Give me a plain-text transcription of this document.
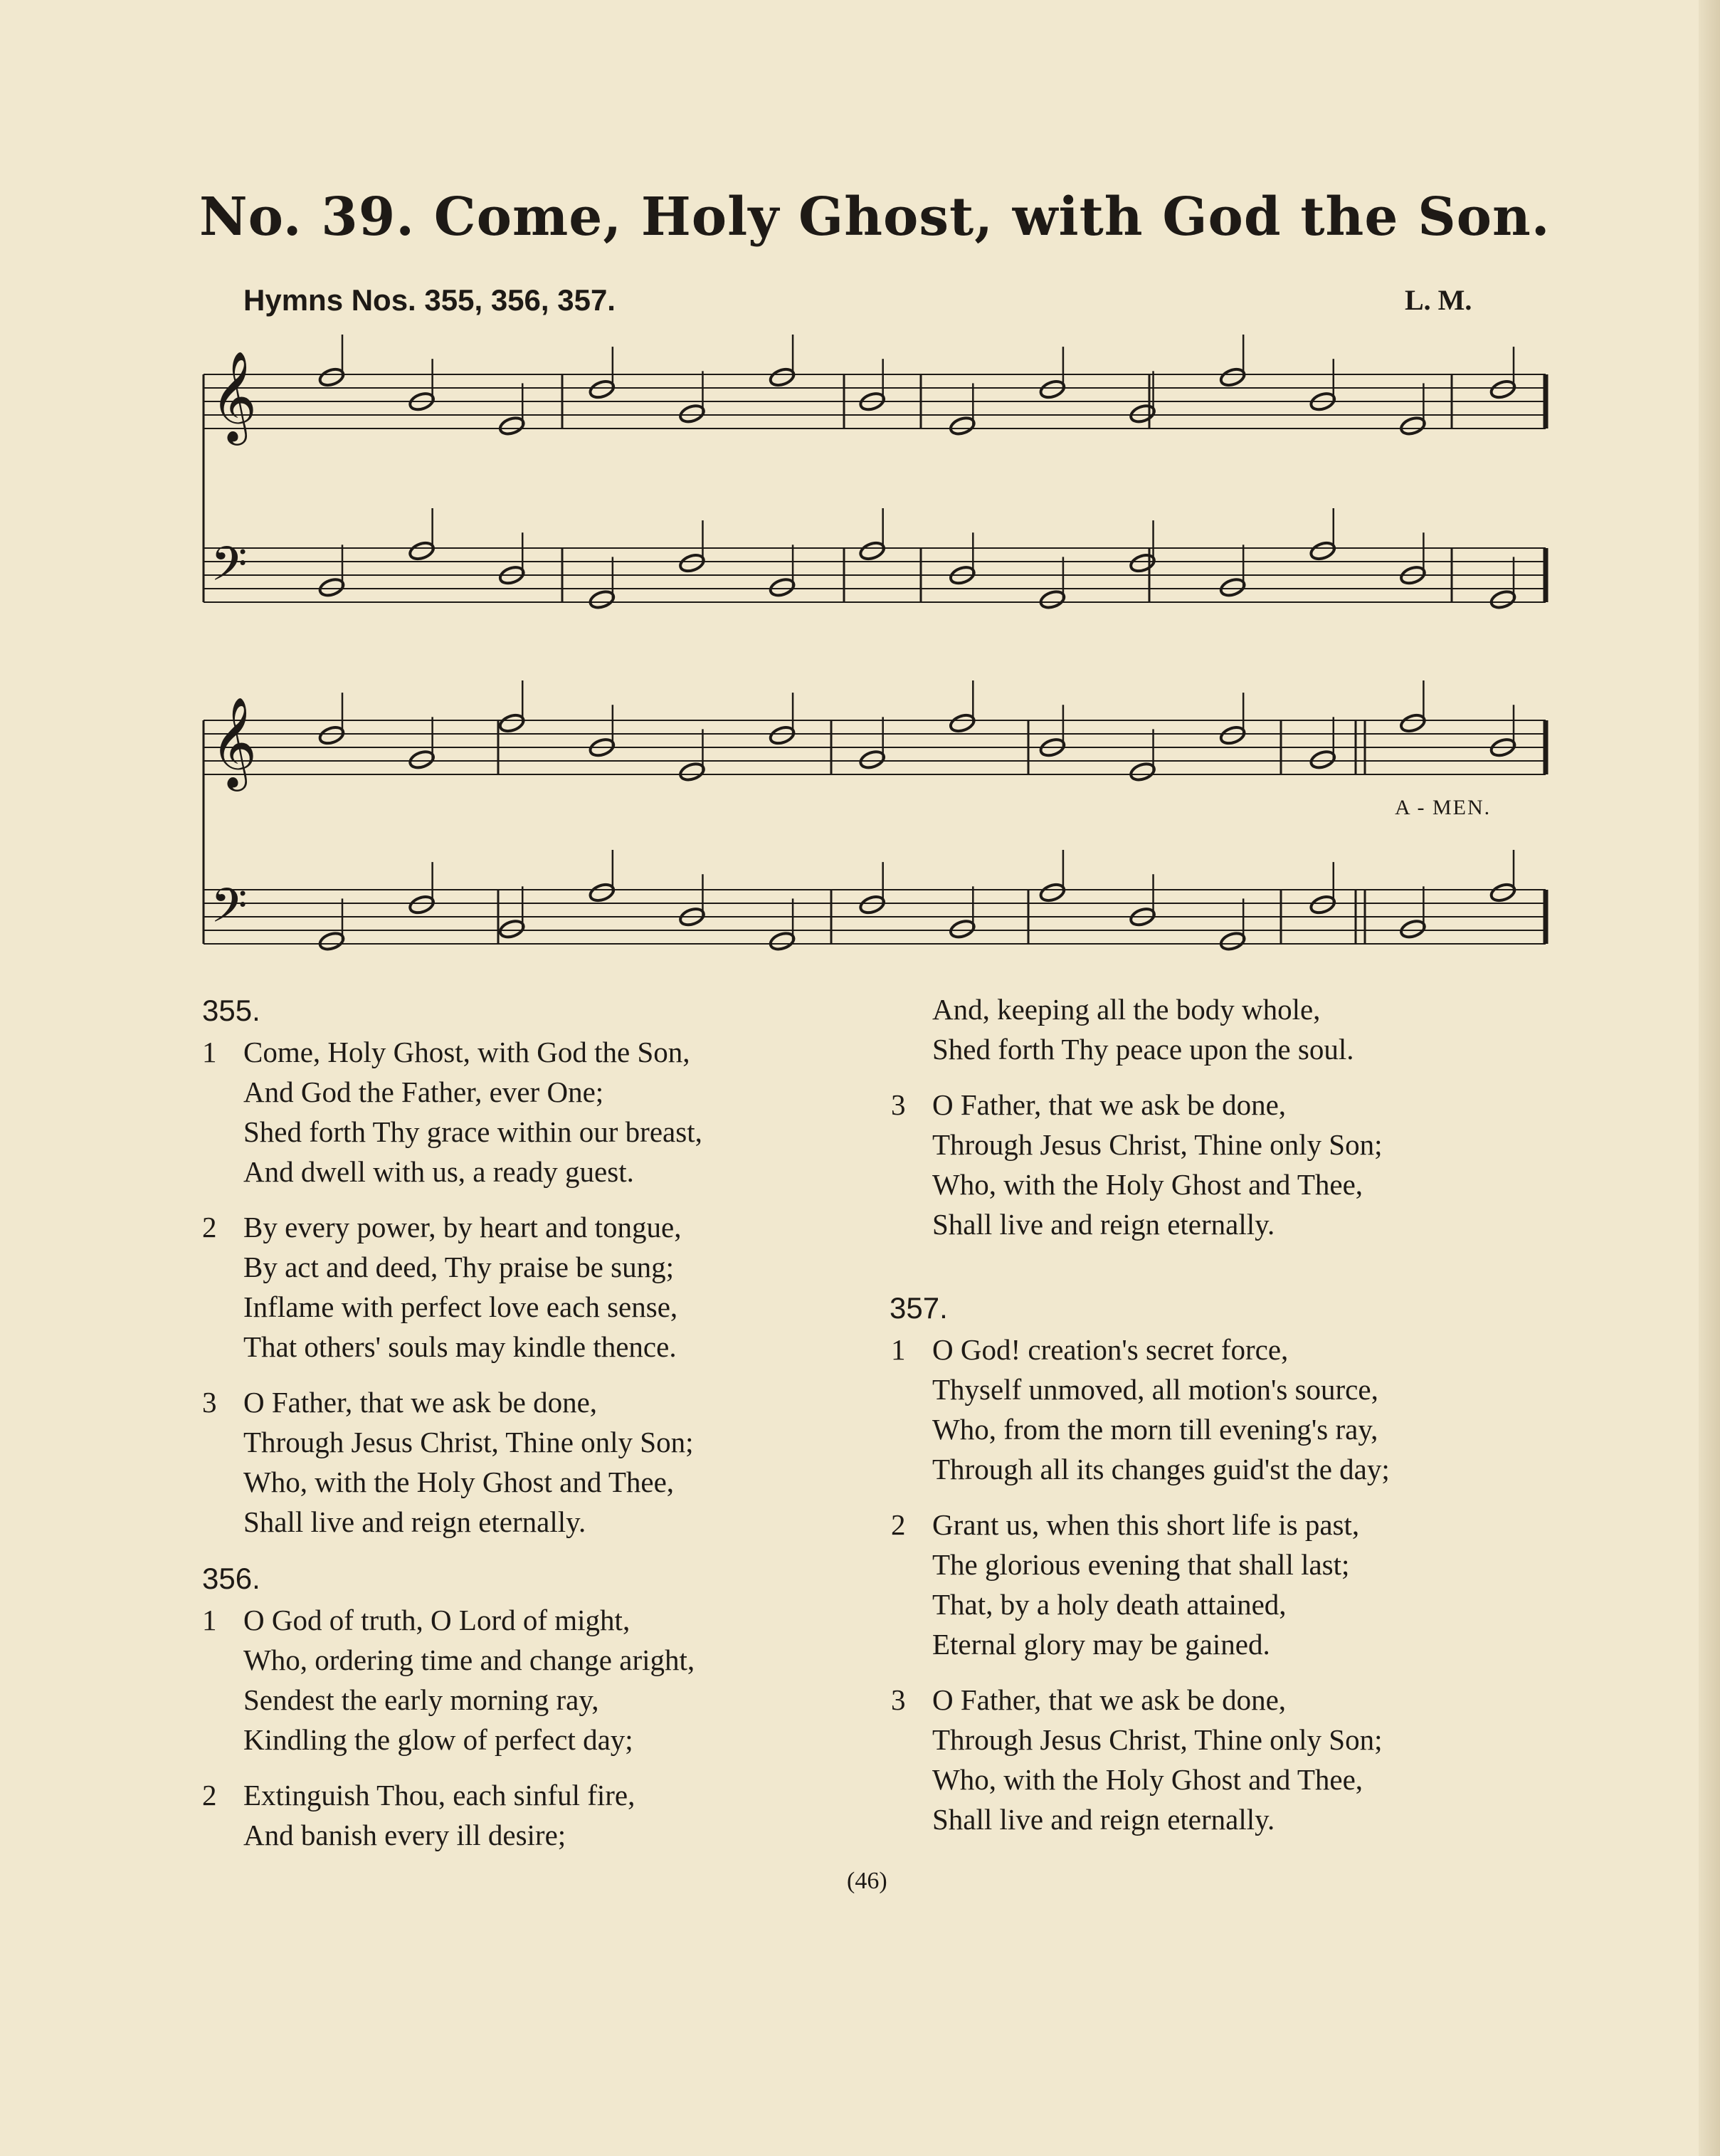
No. 39. Come, Holy Ghost, with God the Son.
Hymns Nos. 355, 356, 357.	L. M.
𝄞
𝄢
𝄞
𝄢
A - MEN.
355.
1 Come, Holy Ghost, with God the Son,
And God the Father, ever One;
Shed forth Thy grace within our breast,
And dwell with us, a ready guest.
2 By every power, by heart and tongue,
By act and deed, Thy praise be sung;
Inflame with perfect love each sense,
That others' souls may kindle thence.
3 O Father, that we ask be done,
Through Jesus Christ, Thine only Son;
Who, with the Holy Ghost and Thee,
Shall live and reign eternally.
356.
1 O God of truth, O Lord of might,
Who, ordering time and change aright,
Sendest the early morning ray,
Kindling the glow of perfect day;
2 Extinguish Thou, each sinful fire,
And banish every ill desire;
And, keeping all the body whole,
Shed forth Thy peace upon the soul.
3 O Father, that we ask be done,
Through Jesus Christ, Thine only Son;
Who, with the Holy Ghost and Thee,
Shall live and reign eternally.
357.
1 O God! creation's secret force,
Thyself unmoved, all motion's source,
Who, from the morn till evening's ray,
Through all its changes guid'st the day;
2 Grant us, when this short life is past,
The glorious evening that shall last;
That, by a holy death attained,
Eternal glory may be gained.
3 O Father, that we ask be done,
Through Jesus Christ, Thine only Son;
Who, with the Holy Ghost and Thee,
Shall live and reign eternally.
(46)
